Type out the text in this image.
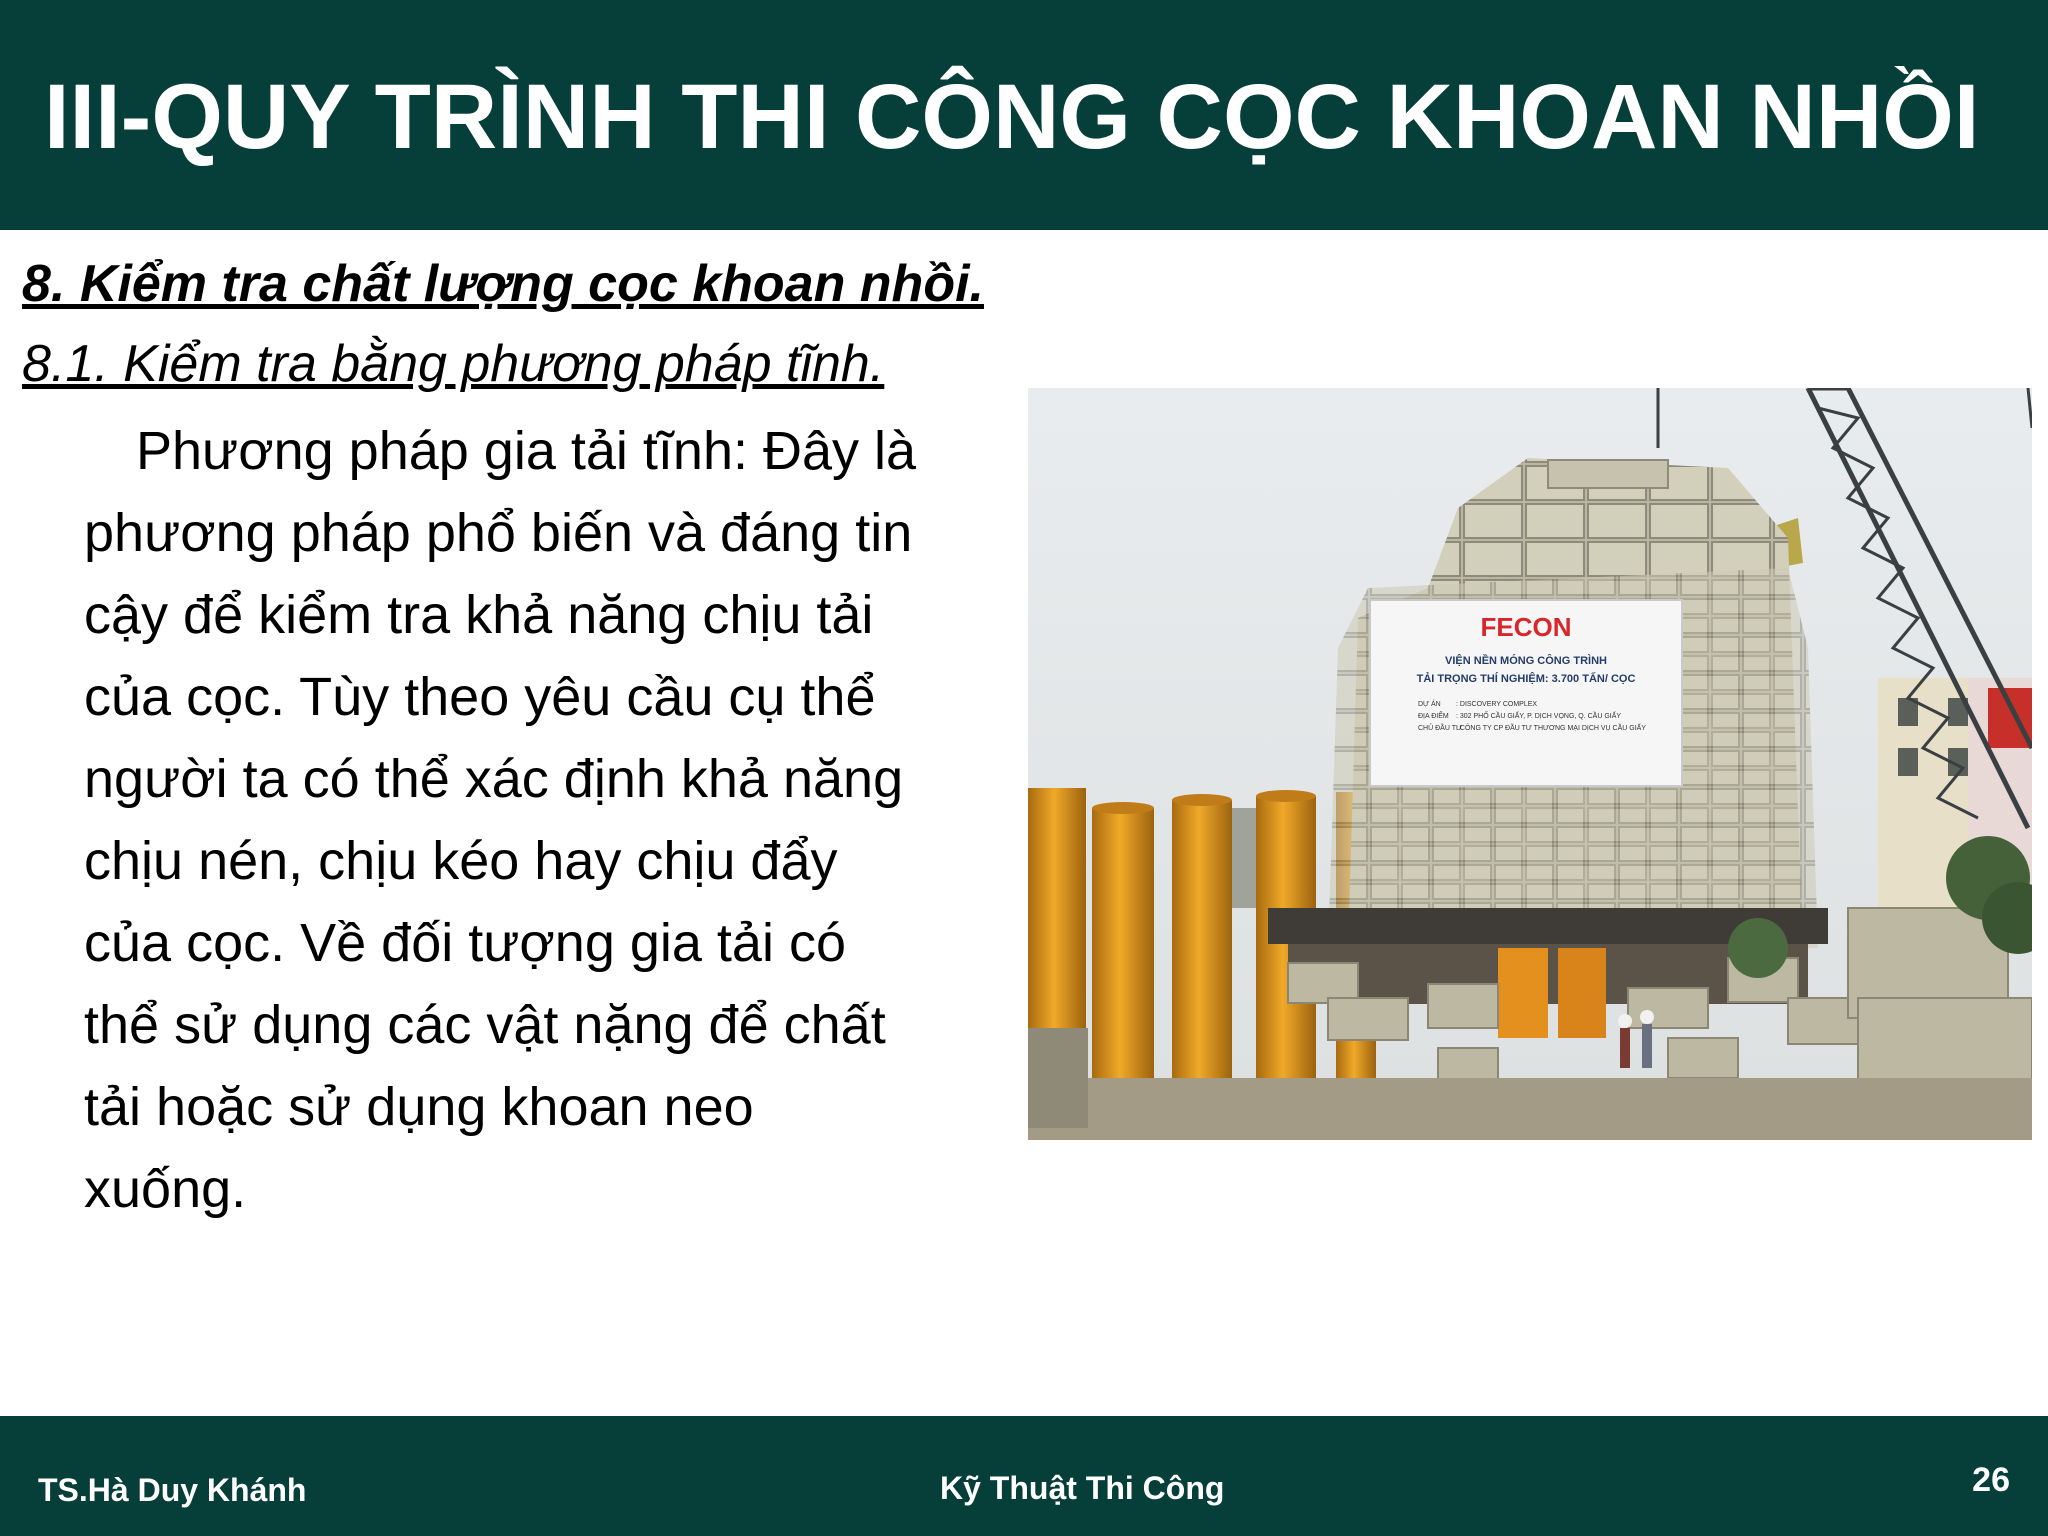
III-QUY TRÌNH THI CÔNG CỌC KHOAN NHỒI
8. Kiểm tra chất lượng cọc khoan nhồi.
8.1. Kiểm tra bằng phương pháp tĩnh.
Phương pháp gia tải tĩnh: Đây là
phương pháp phổ biến và đáng tin
cậy để kiểm tra khả năng chịu tải
của cọc. Tùy theo yêu cầu cụ thể
người ta có thể xác định khả năng
chịu nén, chịu kéo hay chịu đẩy
của cọc. Về đối tượng gia tải có
thể sử dụng các vật nặng để chất
tải hoặc sử dụng khoan neo
xuống.
FECON
VIỆN NỀN MÓNG CÔNG TRÌNH
TẢI TRỌNG THÍ NGHIỆM: 3.700 TẤN/ CỌC
DỰ ÁN : DISCOVERY COMPLEX
ĐỊA ĐIỂM : 302 PHỐ CẦU GIẤY, P. DỊCH VỌNG, Q. CẦU GIẤY
CHỦ ĐẦU TƯ
: CÔNG TY CP ĐẦU TƯ THƯƠNG MẠI DỊCH VỤ CẦU GIẤY
TS.Hà Duy Khánh	Kỹ Thuật Thi Công	26
